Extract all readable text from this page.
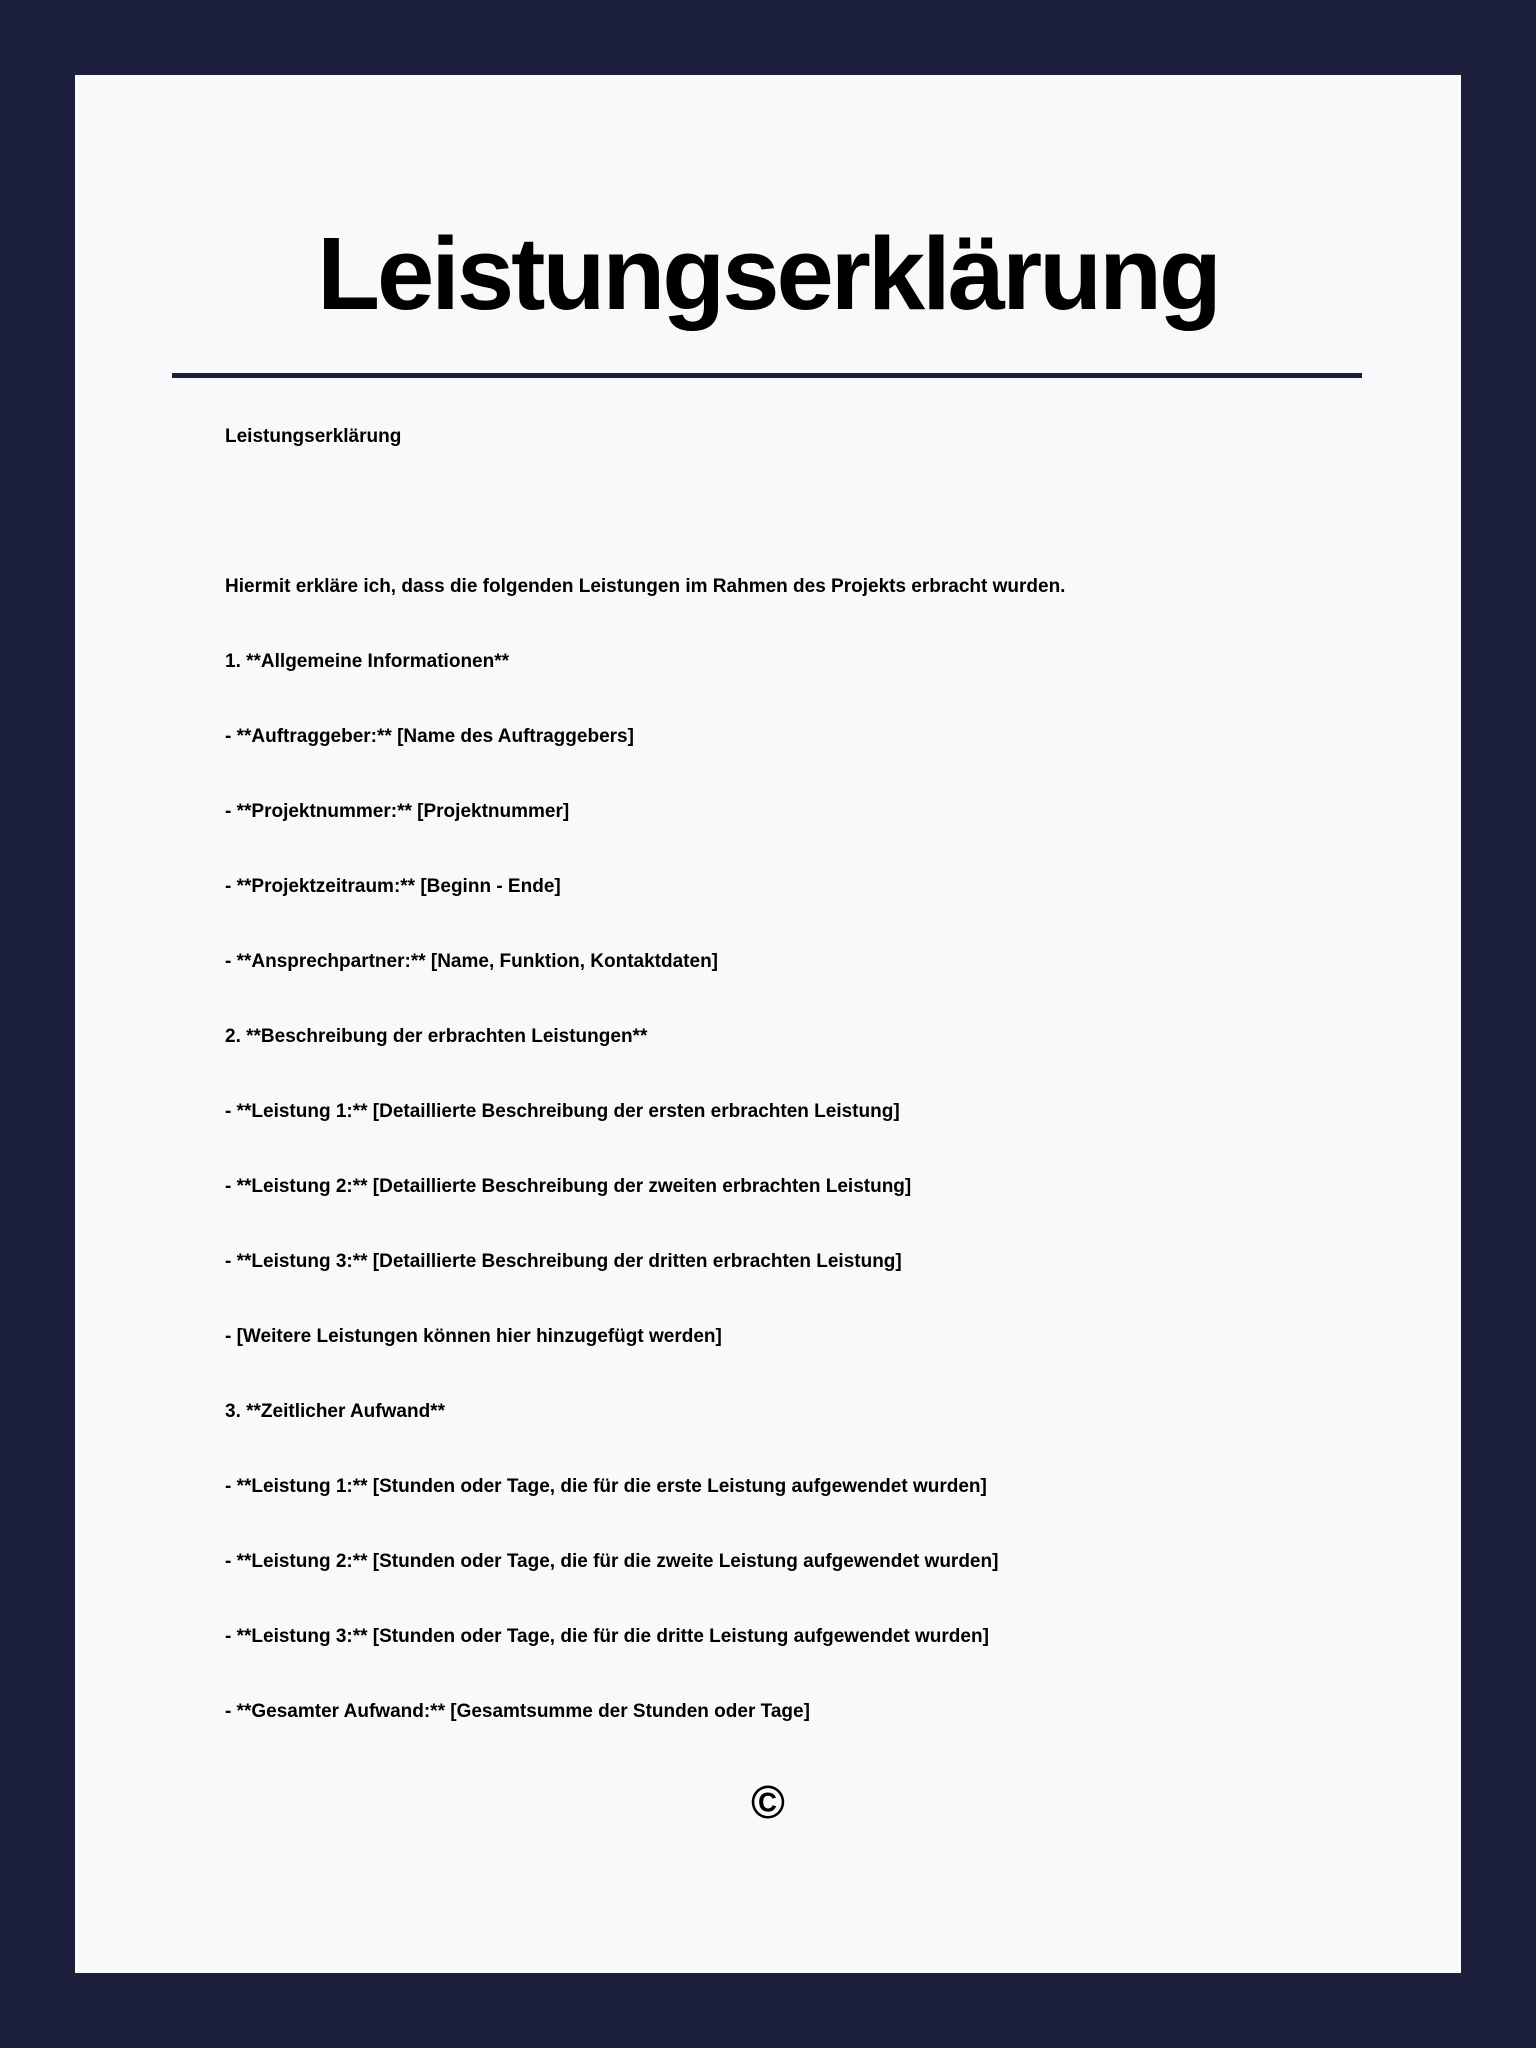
Leistungserklärung
Leistungserklärung
Hiermit erkläre ich, dass die folgenden Leistungen im Rahmen des Projekts erbracht wurden.
1. **Allgemeine Informationen**
- **Auftraggeber:** [Name des Auftraggebers]
- **Projektnummer:** [Projektnummer]
- **Projektzeitraum:** [Beginn - Ende]
- **Ansprechpartner:** [Name, Funktion, Kontaktdaten]
2. **Beschreibung der erbrachten Leistungen**
- **Leistung 1:** [Detaillierte Beschreibung der ersten erbrachten Leistung]
- **Leistung 2:** [Detaillierte Beschreibung der zweiten erbrachten Leistung]
- **Leistung 3:** [Detaillierte Beschreibung der dritten erbrachten Leistung]
- [Weitere Leistungen können hier hinzugefügt werden]
3. **Zeitlicher Aufwand**
- **Leistung 1:** [Stunden oder Tage, die für die erste Leistung aufgewendet wurden]
- **Leistung 2:** [Stunden oder Tage, die für die zweite Leistung aufgewendet wurden]
- **Leistung 3:** [Stunden oder Tage, die für die dritte Leistung aufgewendet wurden]
- **Gesamter Aufwand:** [Gesamtsumme der Stunden oder Tage]
©
